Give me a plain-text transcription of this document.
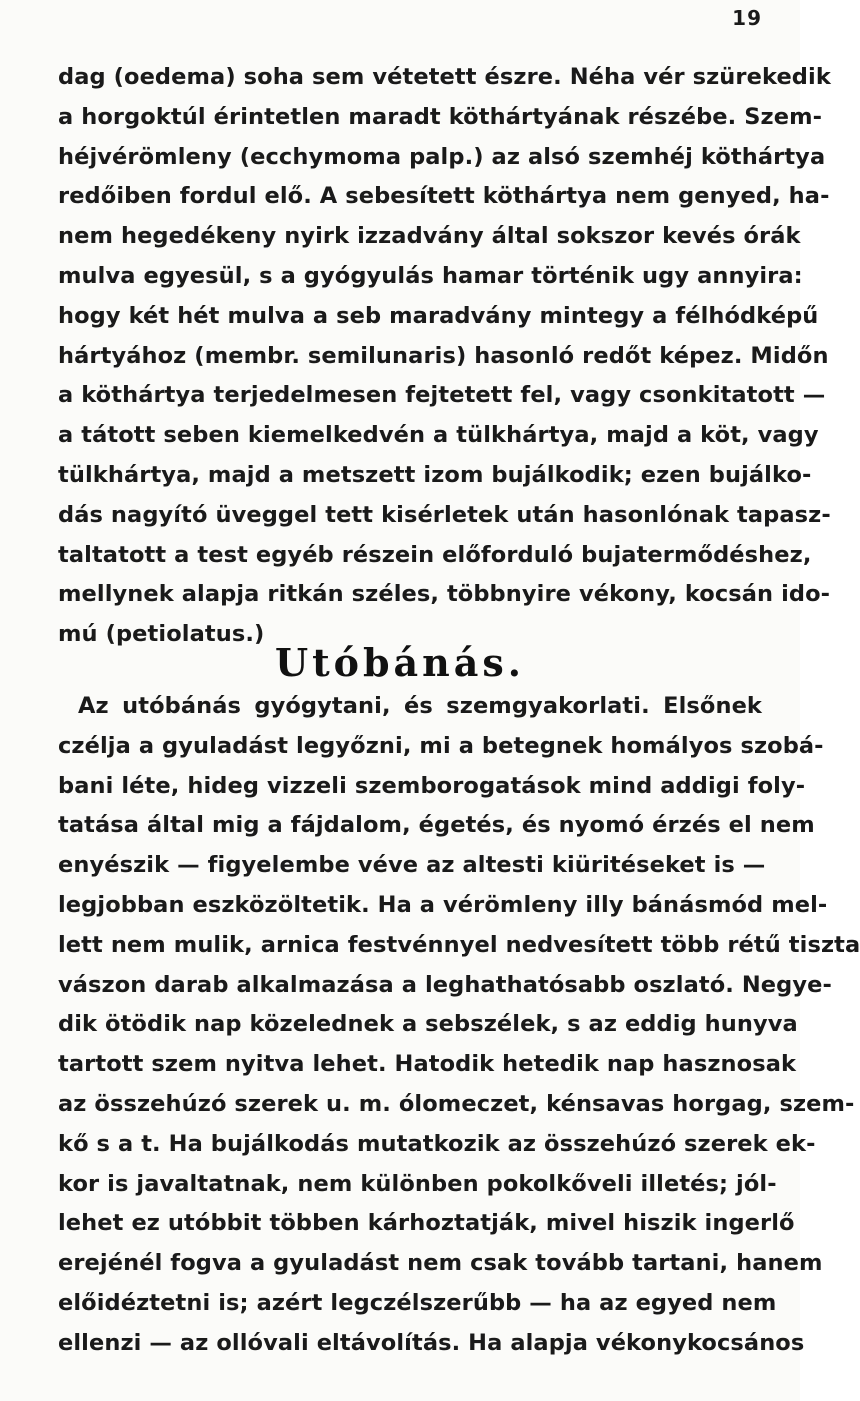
19
dag (oedema) soha sem vétetett észre. Néha vér szürekedik
a horgoktúl érintetlen maradt köthártyának részébe. Szem-
héjvérömleny (ecchymoma palp.) az alsó szemhéj köthártya
redőiben fordul elő. A sebesített köthártya nem genyed, ha-
nem hegedékeny nyirk izzadvány által sokszor kevés órák
mulva egyesül, s a gyógyulás hamar történik ugy annyira:
hogy két hét mulva a seb maradvány mintegy a félhódképű
hártyához (membr. semilunaris) hasonló redőt képez. Midőn
a köthártya terjedelmesen fejtetett fel, vagy csonkitatott —
a tátott seben kiemelkedvén a tülkhártya, majd a köt, vagy
tülkhártya, majd a metszett izom bujálkodik; ezen bujálko-
dás nagyító üveggel tett kisérletek után hasonlónak tapasz-
taltatott a test egyéb részein előforduló bujatermődéshez,
mellynek alapja ritkán széles, többnyire vékony, kocsán ido-
mú (petiolatus.)
Utóbánás.
Az utóbánás gyógytani, és szemgyakorlati. Elsőnek
czélja a gyuladást legyőzni, mi a betegnek homályos szobá-
bani léte, hideg vizzeli szemborogatások mind addigi foly-
tatása által mig a fájdalom, égetés, és nyomó érzés el nem
enyészik — figyelembe véve az altesti kiüritéseket is —
legjobban eszközöltetik. Ha a vérömleny illy bánásmód mel-
lett nem mulik, arnica festvénnyel nedvesített több rétű tiszta
vászon darab alkalmazása a leghathatósabb oszlató. Negye-
dik ötödik nap közelednek a sebszélek, s az eddig hunyva
tartott szem nyitva lehet. Hatodik hetedik nap hasznosak
az összehúzó szerek u. m. ólomeczet, kénsavas horgag, szem-
kő s a t. Ha bujálkodás mutatkozik az összehúzó szerek ek-
kor is javaltatnak, nem különben pokolkőveli illetés; jól-
lehet ez utóbbit többen kárhoztatják, mivel hiszik ingerlő
erejénél fogva a gyuladást nem csak tovább tartani, hanem
előidéztetni is; azért legczélszerűbb — ha az egyed nem
ellenzi — az ollóvali eltávolítás. Ha alapja vékonykocsános
